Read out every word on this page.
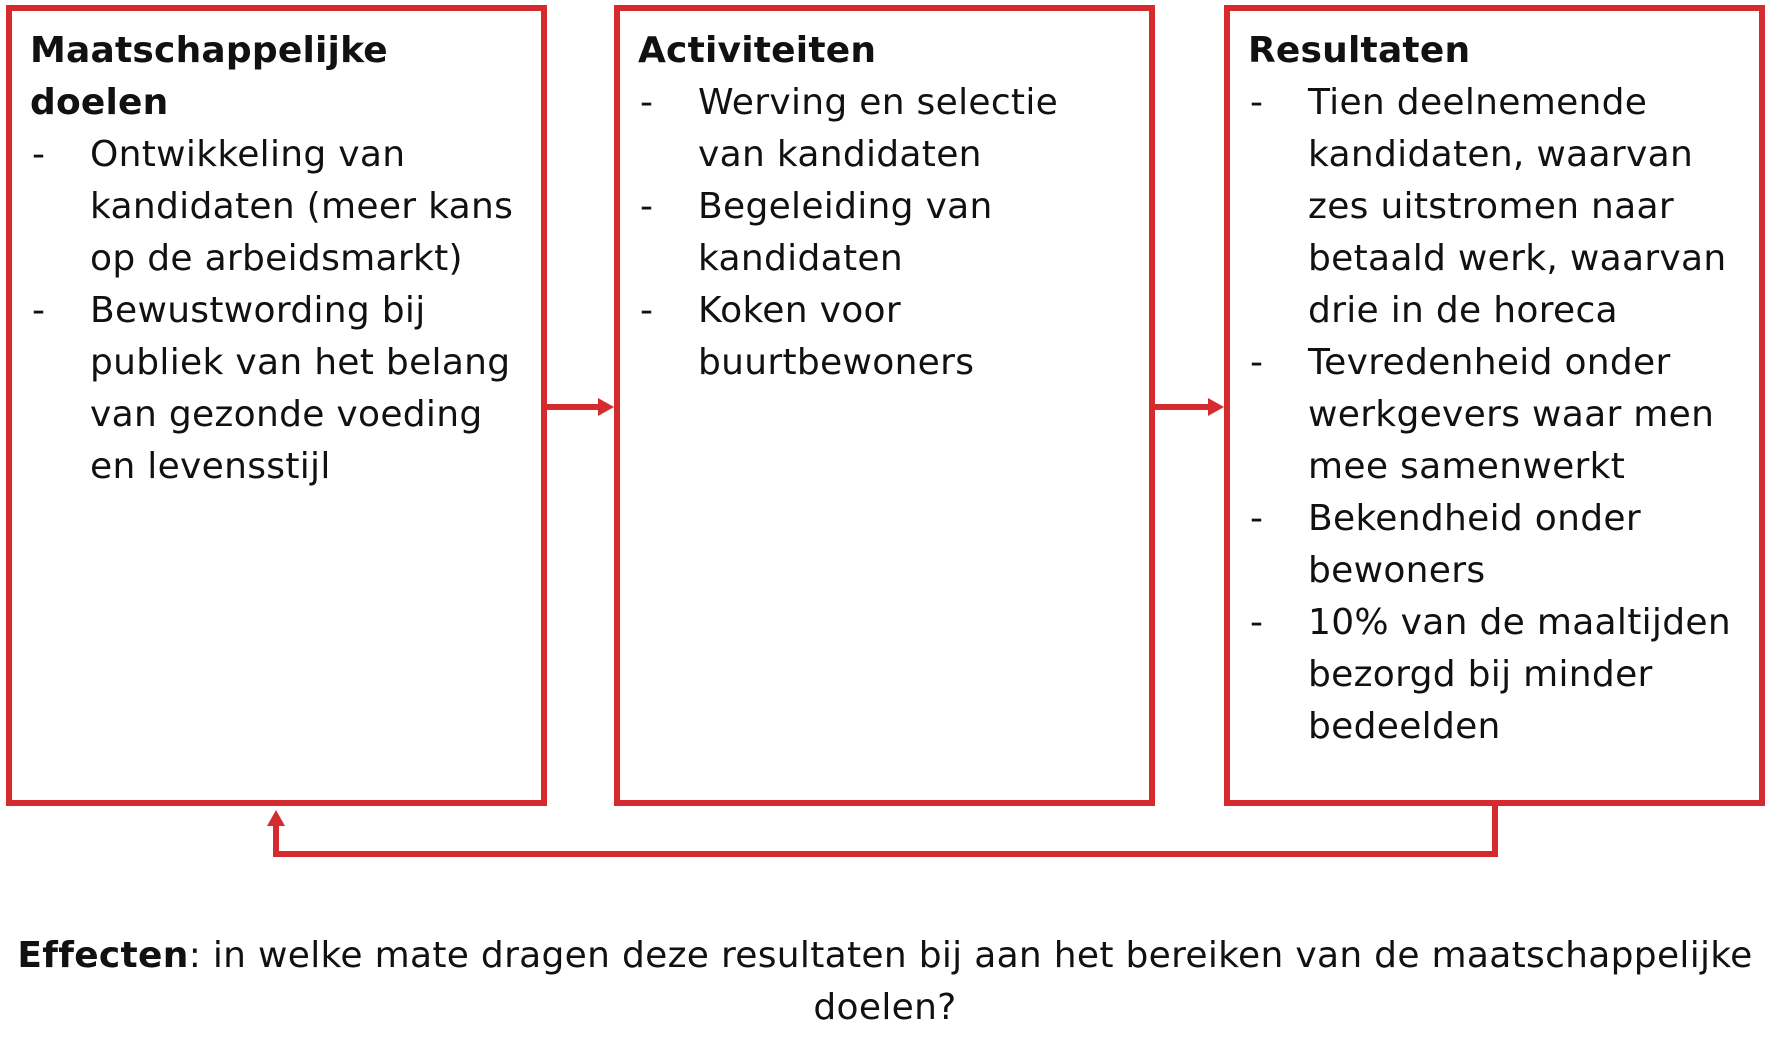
Maatschappelijke doelen
- Ontwikkeling van kandidaten (meer kans op de arbeidsmarkt)
- Bewustwording bij publiek van het belang van gezonde voeding en levensstijl
Activiteiten
- Werving en selectie van kandidaten
- Begeleiding van kandidaten
- Koken voor buurtbewoners
Resultaten
- Tien deelnemende kandidaten, waarvan zes uitstromen naar betaald werk, waarvan drie in de horeca
- Tevredenheid onder werkgevers waar men mee samenwerkt
- Bekendheid onder bewoners
- 10% van de maaltijden bezorgd bij minder bedeelden
Effecten: in welke mate dragen deze resultaten bij aan het bereiken van de maatschappelijke doelen?
